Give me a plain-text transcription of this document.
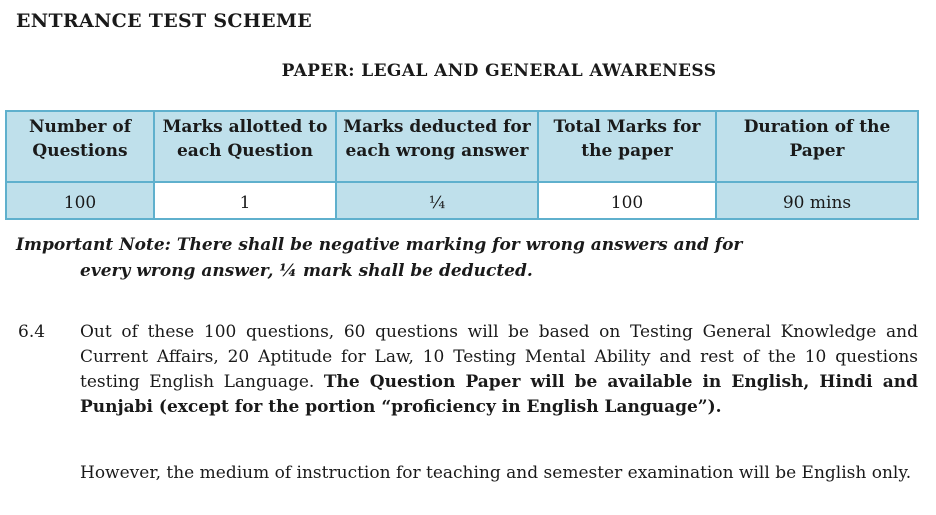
ENTRANCE TEST SCHEME
PAPER: LEGAL AND GENERAL AWARENESS
Number of Questions	Marks allotted to each Question	Marks deducted for each wrong answer	Total Marks for the paper	Duration of the Paper
100	1	¼	100	90 mins
Important Note: There shall be negative marking for wrong answers and for
every wrong answer, ¼ mark shall be deducted.
6.4 Out of these 100 questions, 60 questions will be based on Testing General Knowledge and Current Affairs, 20 Aptitude for Law, 10 Testing Mental Ability and rest of the 10 questions testing English Language. The Question Paper will be available in English, Hindi and Punjabi (except for the portion “proficiency in English Language”).
However, the medium of instruction for teaching and semester examination will be English only.
